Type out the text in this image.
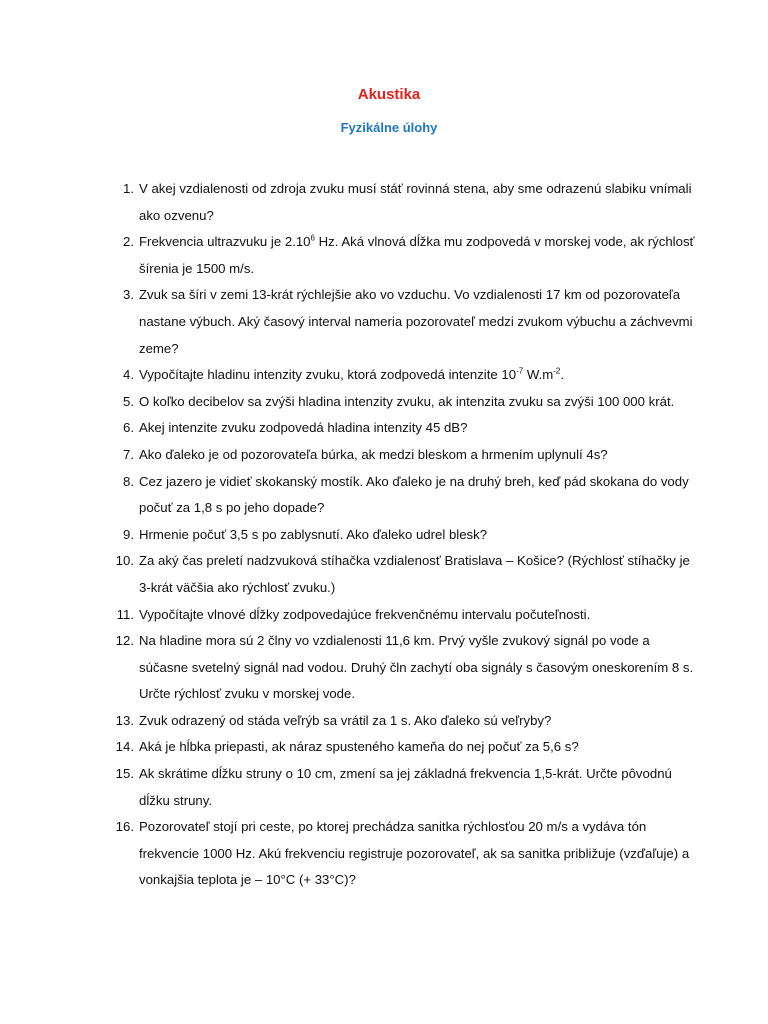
Akustika
Fyzikálne úlohy
1. V akej vzdialenosti od zdroja zvuku musí stáť rovinná stena, aby sme odrazenú slabiku vnímali ako ozvenu?
2. Frekvencia ultrazvuku je 2.10$^6$ Hz. Aká vlnová dĺžka mu zodpovedá v morskej vode, ak rýchlosť šírenia je 1500 m/s.
3. Zvuk sa šíri v zemi 13-krát rýchlejšie ako vo vzduchu. Vo vzdialenosti 17 km od pozorovateľa nastane výbuch. Aký časový interval nameria pozorovateľ medzi zvukom výbuchu a záchvevmi zeme?
4. Vypočítajte hladinu intenzity zvuku, ktorá zodpovedá intenzite $10^{-7}$ $W.m^{-2}$.
5. O koľko decibelov sa zvýši hladina intenzity zvuku, ak intenzita zvuku sa zvýši 100 000 krát.
6. Akej intenzite zvuku zodpovedá hladina intenzity 45 dB?
7. Ako ďaleko je od pozorovateľa búrka, ak medzi bleskom a hrmením uplynulí 4s?
8. Cez jazero je vidieť skokanský mostík. Ako ďaleko je na druhý breh, keď pád skokana do vody počuť za 1,8 s po jeho dopade?
9. Hrmenie počuť 3,5 s po zablysnutí. Ako ďaleko udrel blesk?
10. Za aký čas preletí nadzvuková stíhačka vzdialenosť Bratislava – Košice? (Rýchlosť stíhačky je 3-krát väčšia ako rýchlosť zvuku.)
11. Vypočítajte vlnové dĺžky zodpovedajúce frekvenčnému intervalu počuteľnosti.
12. Na hladine mora sú 2 člny vo vzdialenosti 11,6 km. Prvý vyšle zvukový signál po vode a súčasne svetelný signál nad vodou. Druhý čln zachytí oba signály s časovým oneskorením 8 s. Určte rýchlosť zvuku v morskej vode.
13. Zvuk odrazený od stáda veľrýb sa vrátil za 1 s. Ako ďaleko sú veľryby?
14. Aká je hĺbka priepasti, ak náraz spusteného kameňa do nej počuť za 5,6 s?
15. Ak skrátime dĺžku struny o 10 cm, zmení sa jej základná frekvencia 1,5-krát. Určte pôvodnú dĺžku struny.
16. Pozorovateľ stojí pri ceste, po ktorej prechádza sanitka rýchlosťou 20 m/s a vydáva tón frekvencie 1000 Hz. Akú frekvenciu registruje pozorovateľ, ak sa sanitka približuje (vzďaľuje) a vonkajšia teplota je – 10°C (+ 33°C)?
